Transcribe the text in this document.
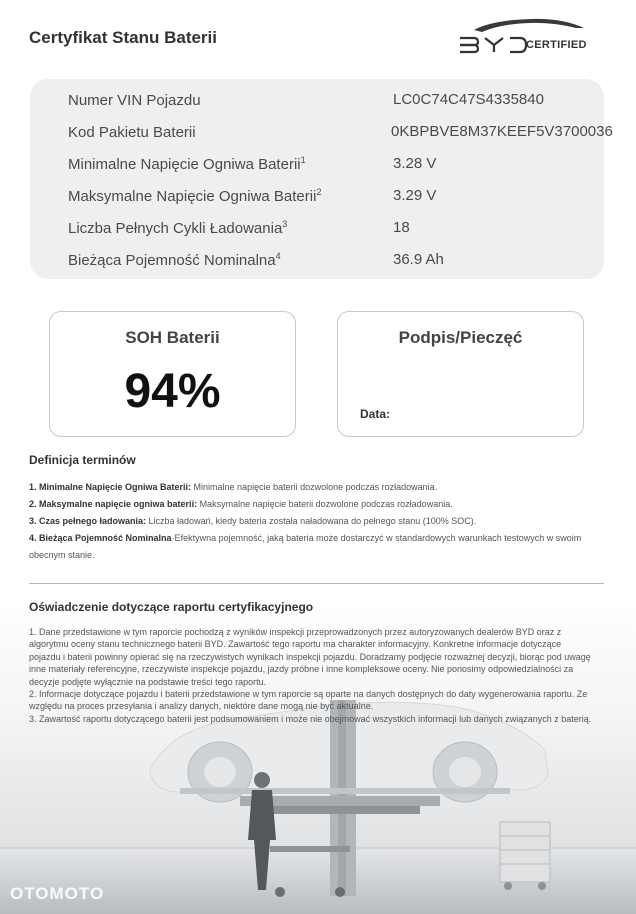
Certyfikat Stanu Baterii	CERTIFIED
Numer VIN Pojazdu	LC0C74C47S4335840
Kod Pakietu Baterii	0KBPBVE8M37KEEF5V3700036
Minimalne Napięcie Ogniwa Baterii$^1$	3.28 V
Maksymalne Napięcie Ogniwa Baterii$^2$	3.29 V
Liczba Pełnych Cykli Ładowania$^3$	18
Bieżąca Pojemność Nominalna$^4$	36.9 Ah
SOH Baterii
94%
Podpis/Pieczęć
Data:
Definicja terminów

1. Minimalne Napięcie Ogniwa Baterii: Minimalne napięcie baterii dozwolone podczas rozładowania.

2. Maksymalne napięcie ogniwa baterii: Maksymalne napięcie baterii dozwolone podczas rozładowania.

3. Czas pełnego ładowania: Liczba ładowań, kiedy bateria została naładowana do pełnego stanu (100% SOC).

4. Bieżąca Pojemność Nominalna·Efektywna pojemność, jaką bateria może dostarczyć w standardowych warunkach testowych w swoim obecnym stanie.

Oświadczenie dotyczące raportu certyfikacyjnego

1. Dane przedstawione w tym raporcie pochodzą z wyników inspekcji przeprowadzonych przez autoryzowanych dealerów BYD oraz z algorytmu oceny stanu technicznego baterii BYD. Zawartość tego raportu ma charakter informacyjny. Konkretne informacje dotyczące pojazdu i baterii powinny opierać się na rzeczywistych wynikach inspekcji pojazdu. Doradzamy podjęcie rozważnej decyzji, biorąc pod uwagę inne materiały referencyjne, rzeczywiste inspekcje pojazdu, jazdy próbne i inne kompleksowe oceny. Nie ponosimy odpowiedzialności za decyzje podjęte wyłącznie na podstawie treści tego raportu.

2. Informacje dotyczące pojazdu i baterii przedstawione w tym raporcie są oparte na danych dostępnych do daty wygenerowania raportu. Ze względu na proces przesyłania i analizy danych, niektóre dane mogą nie być aktualne.

3. Zawartość raportu dotyczącego baterii jest podsumowaniem i może nie obejmować wszystkich informacji lub danych związanych z baterią.

OTOMOTO
